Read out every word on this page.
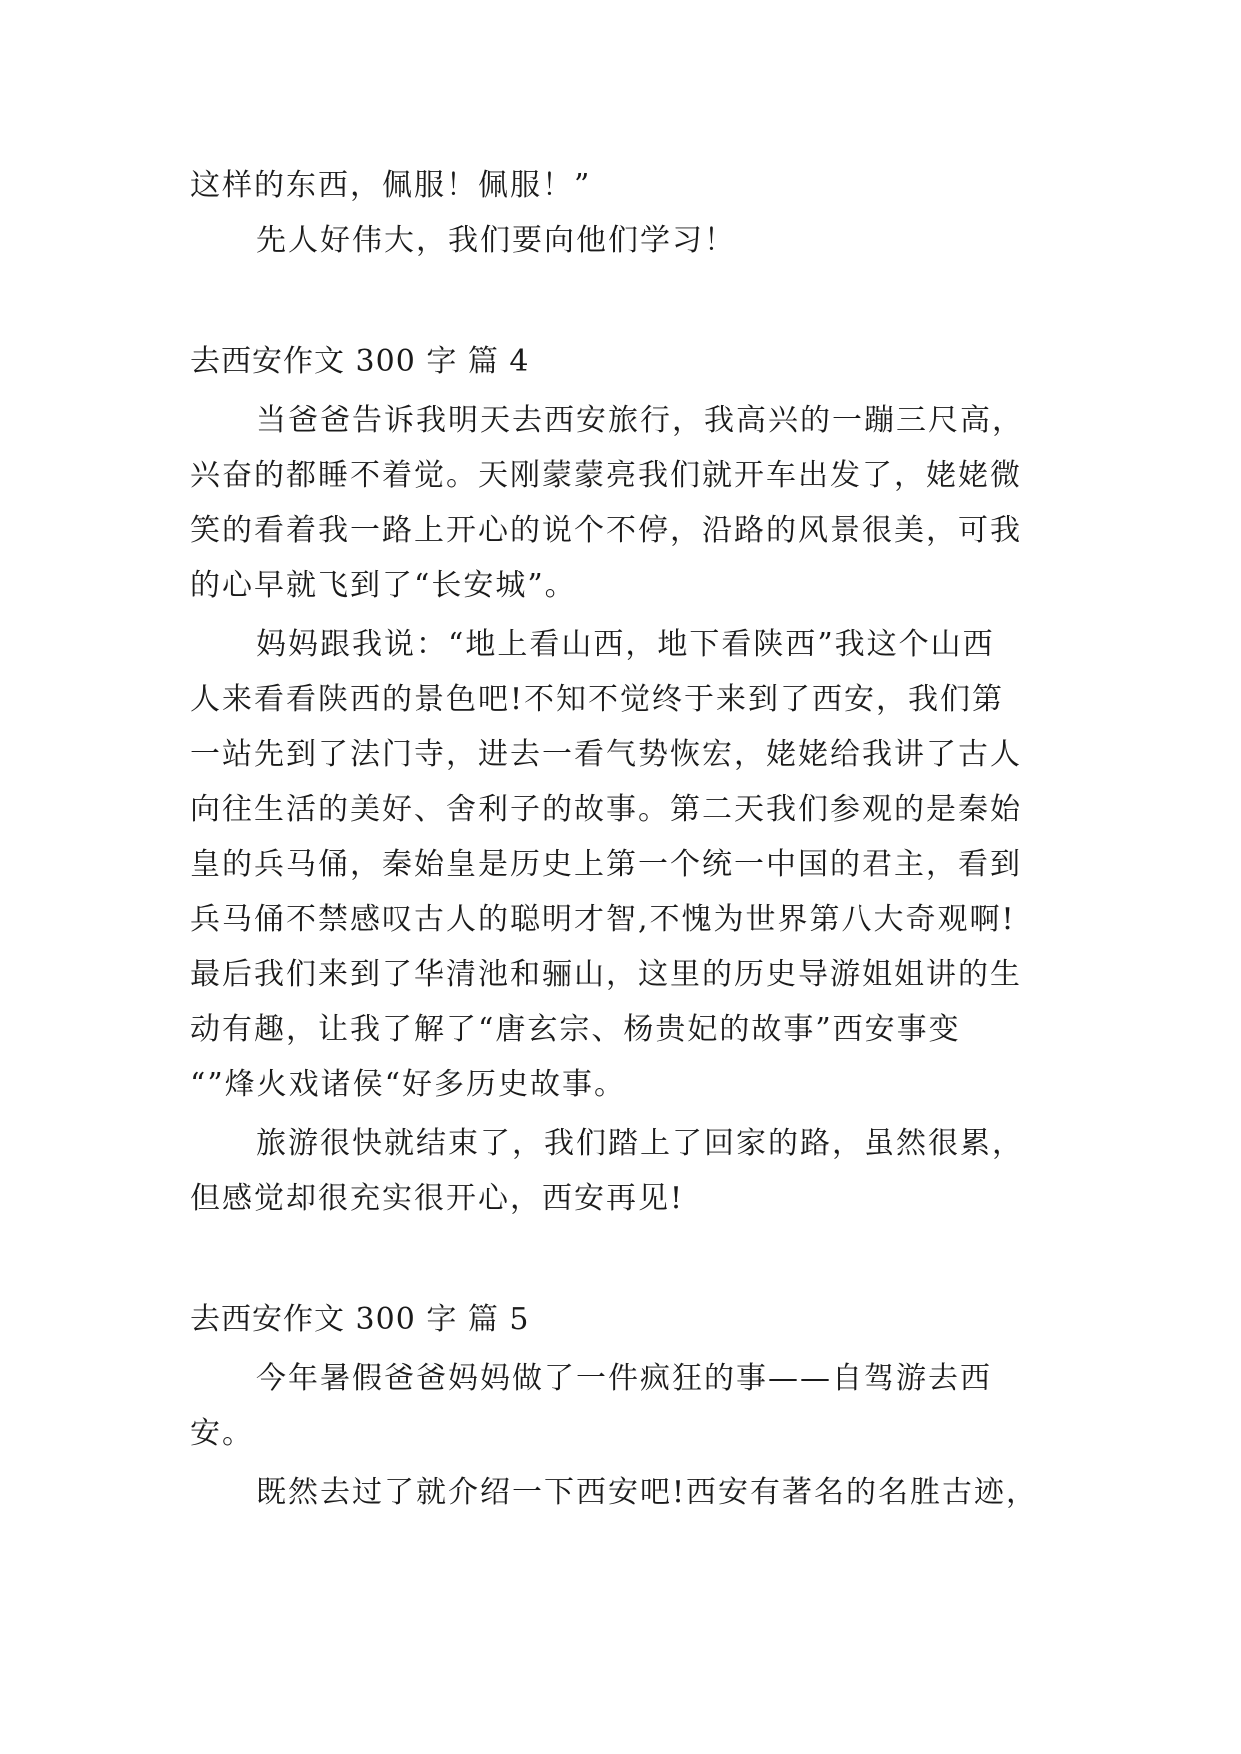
这样的东西，佩服！佩服！”
先人好伟大，我们要向他们学习！
去西安作文 300 字 篇 4
当爸爸告诉我明天去西安旅行，我高兴的一蹦三尺高，
兴奋的都睡不着觉。天刚蒙蒙亮我们就开车出发了，姥姥微
笑的看着我一路上开心的说个不停，沿路的风景很美，可我
的心早就飞到了“长安城”。
妈妈跟我说：“地上看山西，地下看陕西”我这个山西
人来看看陕西的景色吧!不知不觉终于来到了西安，我们第
一站先到了法门寺，进去一看气势恢宏，姥姥给我讲了古人
向往生活的美好、舍利子的故事。第二天我们参观的是秦始
皇的兵马俑，秦始皇是历史上第一个统一中国的君主，看到
兵马俑不禁感叹古人的聪明才智,不愧为世界第八大奇观啊!
最后我们来到了华清池和骊山，这里的历史导游姐姐讲的生
动有趣，让我了解了“唐玄宗、杨贵妃的故事”西安事变
“”烽火戏诸侯“好多历史故事。
旅游很快就结束了，我们踏上了回家的路，虽然很累，
但感觉却很充实很开心，西安再见!
去西安作文 300 字 篇 5
今年暑假爸爸妈妈做了一件疯狂的事——自驾游去西
安。
既然去过了就介绍一下西安吧!西安有著名的名胜古迹，
